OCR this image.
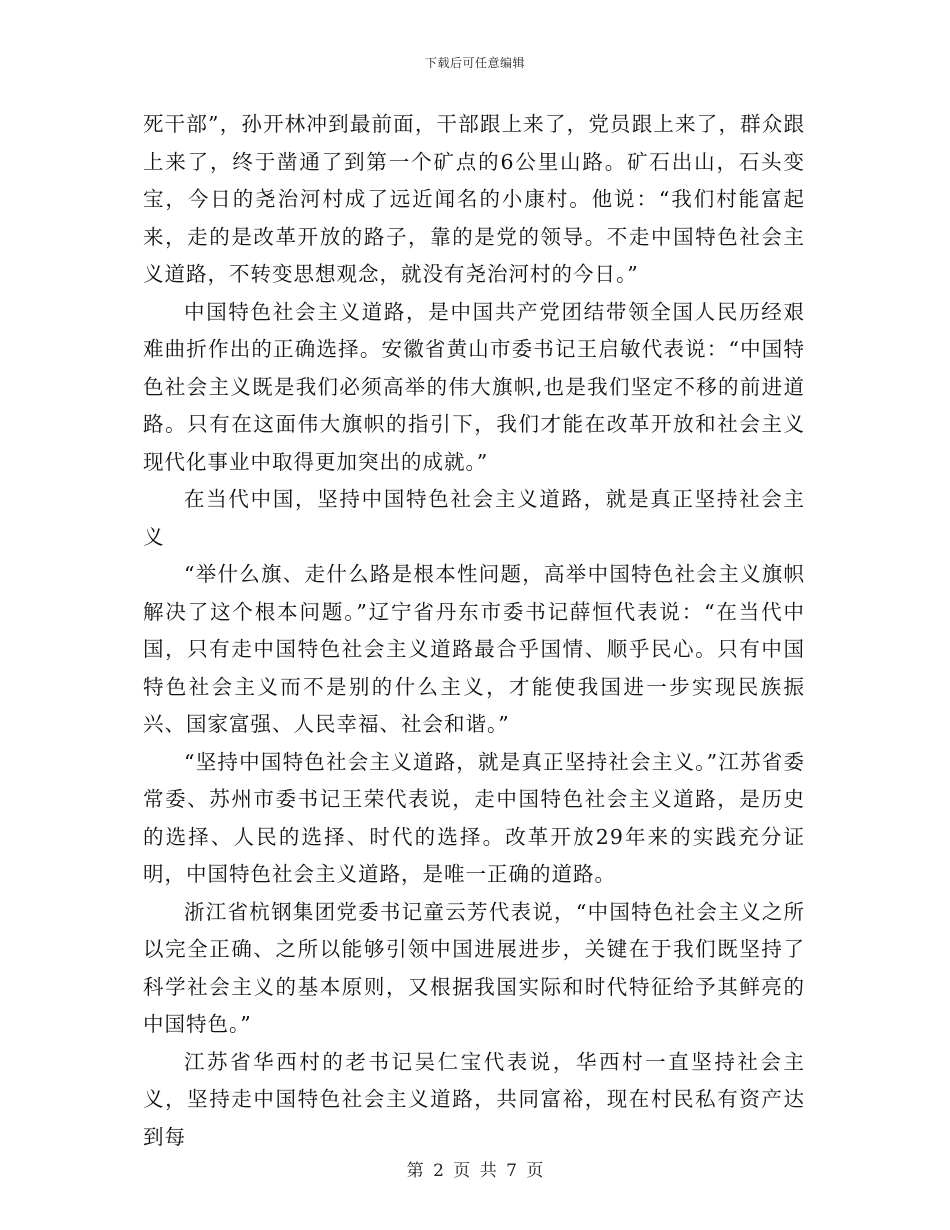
下载后可任意编辑

死干部”，孙开林冲到最前面，干部跟上来了，党员跟上来了，群众跟上来了，终于凿通了到第一个矿点的6公里山路。矿石出山，石头变宝，今日的尧治河村成了远近闻名的小康村。他说：“我们村能富起来，走的是改革开放的路子，靠的是党的领导。不走中国特色社会主义道路，不转变思想观念，就没有尧治河村的今日。”

中国特色社会主义道路，是中国共产党团结带领全国人民历经艰难曲折作出的正确选择。安徽省黄山市委书记王启敏代表说：“中国特色社会主义既是我们必须高举的伟大旗帜,也是我们坚定不移的前进道路。只有在这面伟大旗帜的指引下，我们才能在改革开放和社会主义现代化事业中取得更加突出的成就。”

在当代中国，坚持中国特色社会主义道路，就是真正坚持社会主义

“举什么旗、走什么路是根本性问题，高举中国特色社会主义旗帜解决了这个根本问题。”辽宁省丹东市委书记薛恒代表说：“在当代中国，只有走中国特色社会主义道路最合乎国情、顺乎民心。只有中国特色社会主义而不是别的什么主义，才能使我国进一步实现民族振兴、国家富强、人民幸福、社会和谐。”

“坚持中国特色社会主义道路，就是真正坚持社会主义。”江苏省委常委、苏州市委书记王荣代表说，走中国特色社会主义道路，是历史的选择、人民的选择、时代的选择。改革开放29年来的实践充分证明，中国特色社会主义道路，是唯一正确的道路。

浙江省杭钢集团党委书记童云芳代表说，“中国特色社会主义之所以完全正确、之所以能够引领中国进展进步，关键在于我们既坚持了科学社会主义的基本原则，又根据我国实际和时代特征给予其鲜亮的中国特色。”

江苏省华西村的老书记吴仁宝代表说，华西村一直坚持社会主义，坚持走中国特色社会主义道路，共同富裕，现在村民私有资产达到每

第 2 页 共 7 页
